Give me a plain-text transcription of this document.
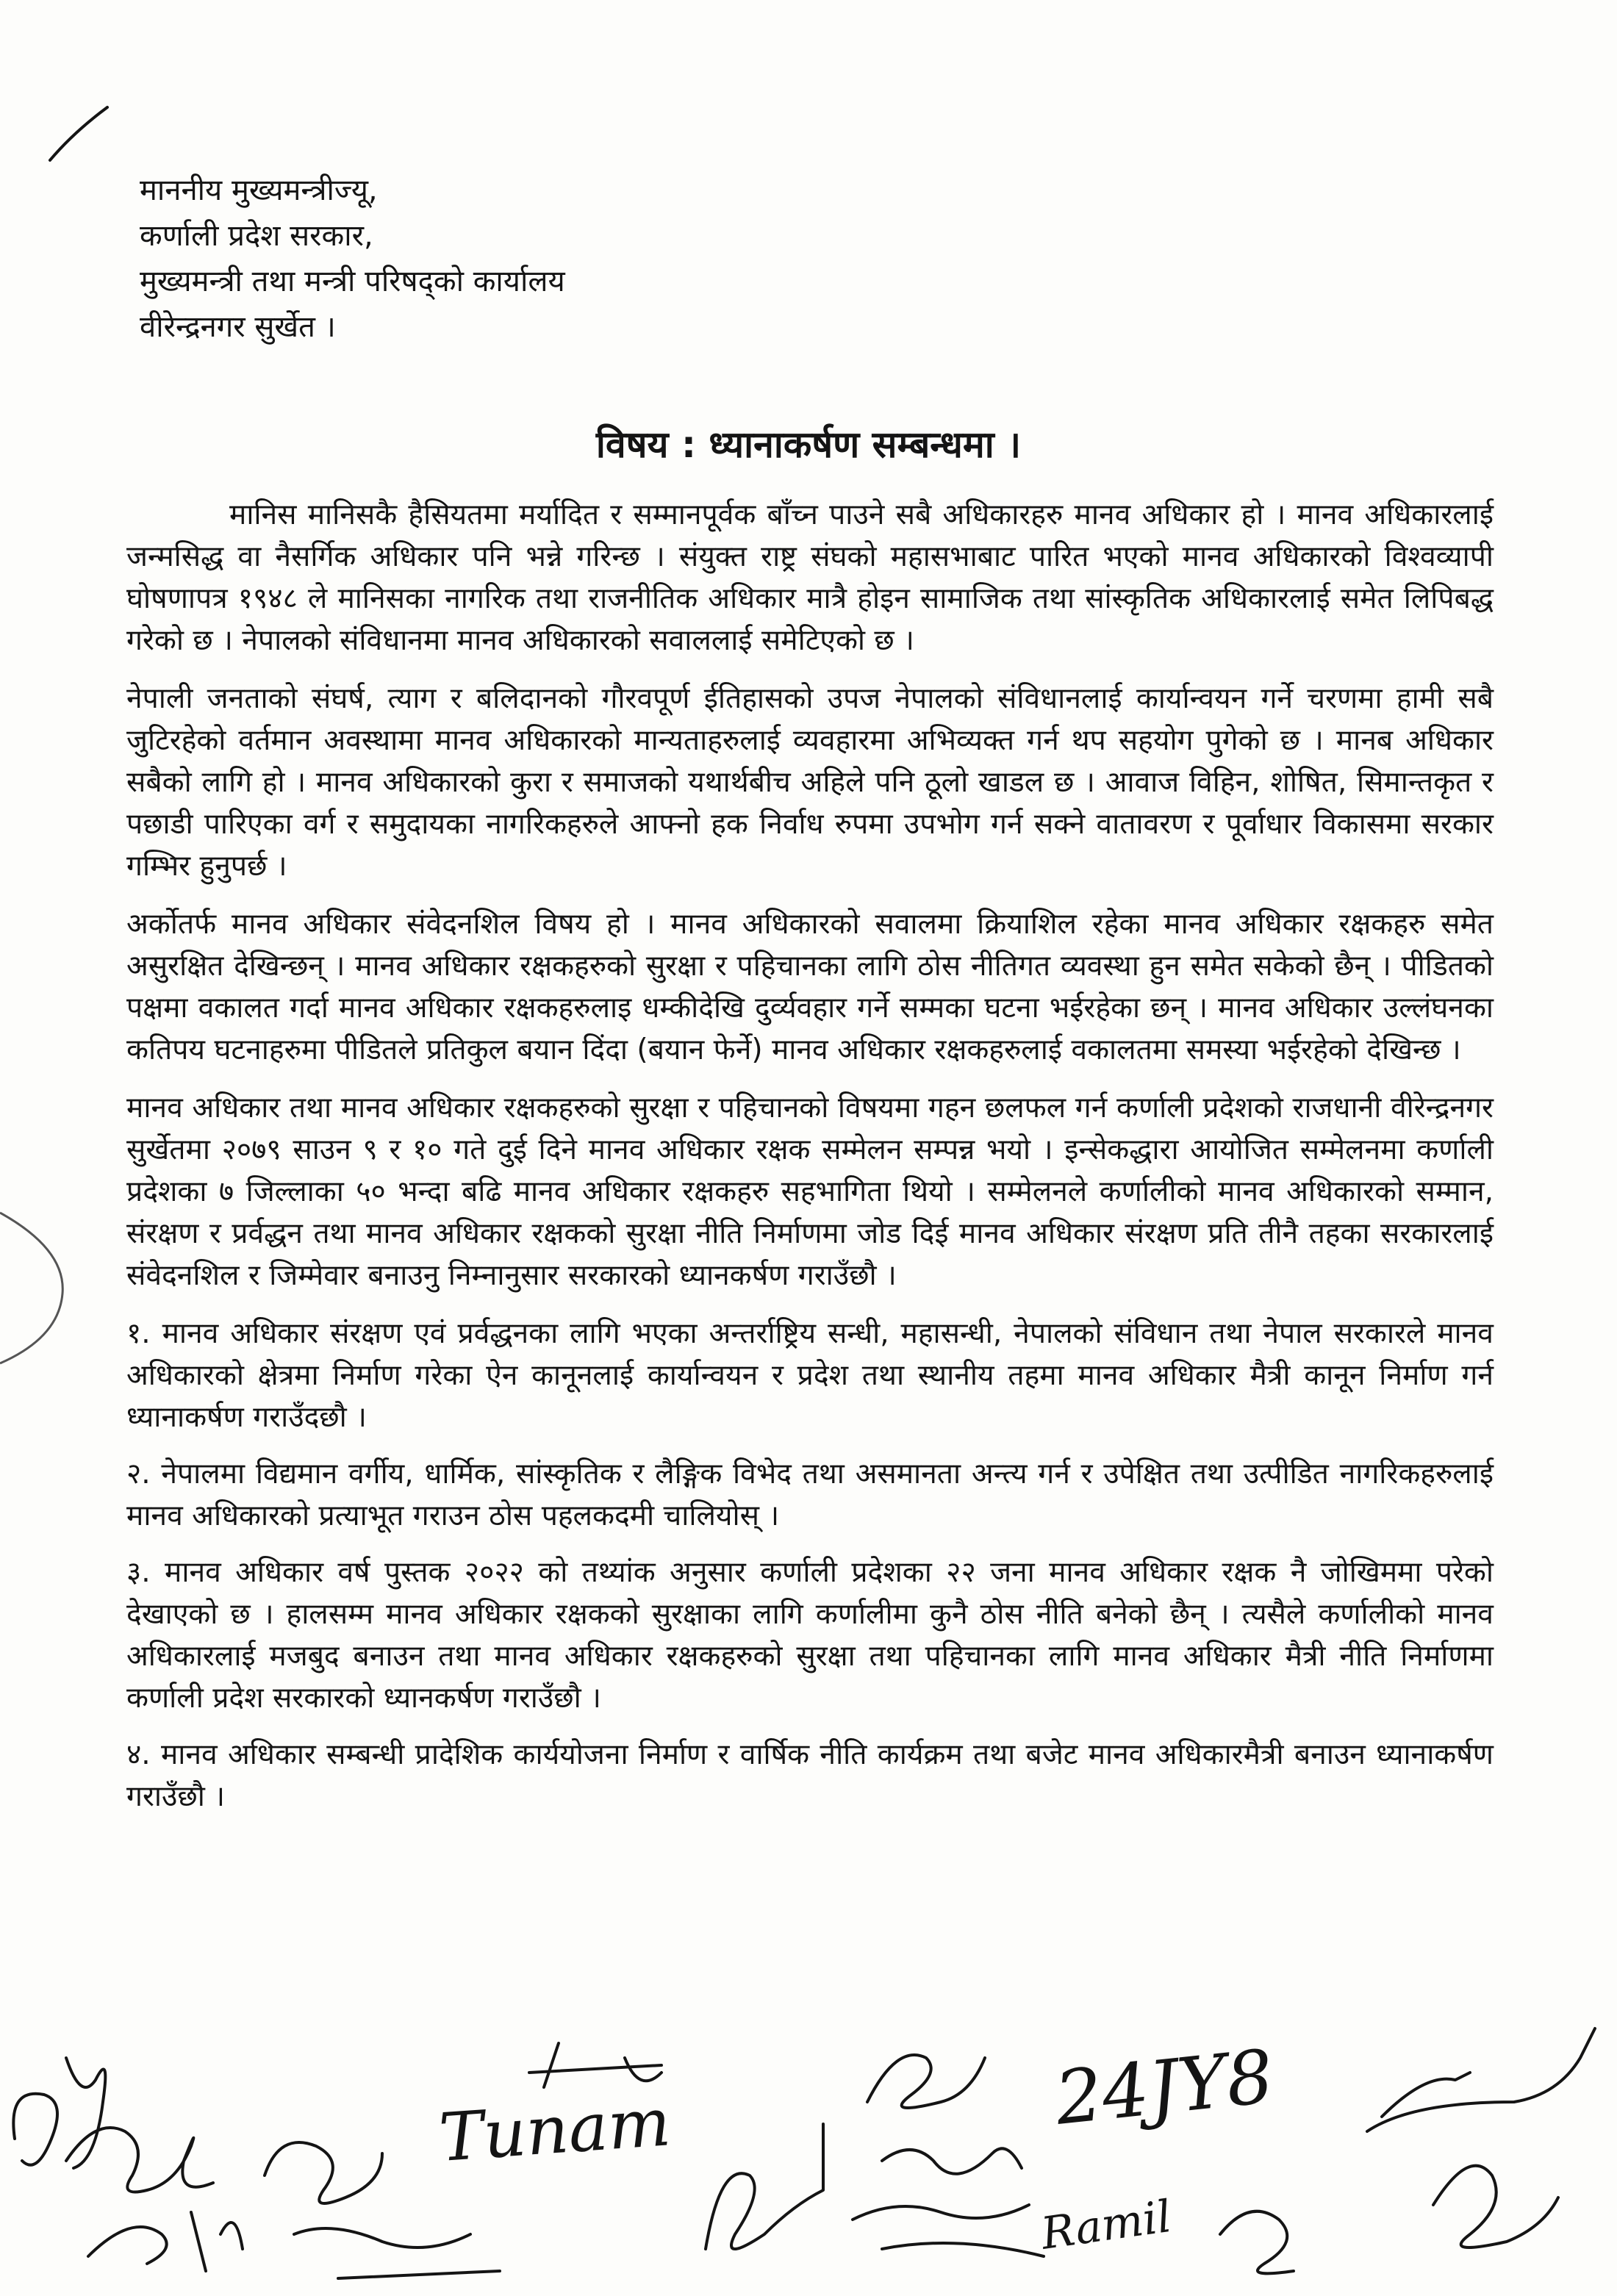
माननीय मुख्यमन्त्रीज्यू,
कर्णाली प्रदेश सरकार,
मुख्यमन्त्री तथा मन्त्री परिषद्को कार्यालय
वीरेन्द्रनगर सुर्खेत ।
विषय : ध्यानाकर्षण सम्बन्धमा ।

मानिस मानिसकै हैसियतमा मर्यादित र सम्मानपूर्वक बाँच्न पाउने सबै अधिकारहरु मानव अधिकार हो । मानव अधिकारलाई जन्मसिद्ध वा नैसर्गिक अधिकार पनि भन्ने गरिन्छ । संयुक्त राष्ट्र संघको महासभाबाट पारित भएको मानव अधिकारको विश्वव्यापी घोषणापत्र १९४८ ले मानिसका नागरिक तथा राजनीतिक अधिकार मात्रै होइन सामाजिक तथा सांस्कृतिक अधिकारलाई समेत लिपिबद्ध गरेको छ । नेपालको संविधानमा मानव अधिकारको सवाललाई समेटिएको छ ।

नेपाली जनताको संघर्ष, त्याग र बलिदानको गौरवपूर्ण ईतिहासको उपज नेपालको संविधानलाई कार्यान्वयन गर्ने चरणमा हामी सबै जुटिरहेको वर्तमान अवस्थामा मानव अधिकारको मान्यताहरुलाई व्यवहारमा अभिव्यक्त गर्न थप सहयोग पुगेको छ । मानब अधिकार सबैको लागि हो । मानव अधिकारको कुरा र समाजको यथार्थबीच अहिले पनि ठूलो खाडल छ । आवाज विहिन, शोषित, सिमान्तकृत र पछाडी पारिएका वर्ग र समुदायका नागरिकहरुले आफ्नो हक निर्वाध रुपमा उपभोग गर्न सक्ने वातावरण र पूर्वाधार विकासमा सरकार गम्भिर हुनुपर्छ ।

अर्कोतर्फ मानव अधिकार संवेदनशिल विषय हो । मानव अधिकारको सवालमा क्रियाशिल रहेका मानव अधिकार रक्षकहरु समेत असुरक्षित देखिन्छन् । मानव अधिकार रक्षकहरुको सुरक्षा र पहिचानका लागि ठोस नीतिगत व्यवस्था हुन समेत सकेको छैन् । पीडितको पक्षमा वकालत गर्दा मानव अधिकार रक्षकहरुलाइ धम्कीदेखि दुर्व्यवहार गर्ने सम्मका घटना भईरहेका छन् । मानव अधिकार उल्लंघनका कतिपय घटनाहरुमा पीडितले प्रतिकुल बयान दिंदा (बयान फेर्ने) मानव अधिकार रक्षकहरुलाई वकालतमा समस्या भईरहेको देखिन्छ ।

मानव अधिकार तथा मानव अधिकार रक्षकहरुको सुरक्षा र पहिचानको विषयमा गहन छलफल गर्न कर्णाली प्रदेशको राजधानी वीरेन्द्रनगर सुर्खेतमा २०७९ साउन ९ र १० गते दुई दिने मानव अधिकार रक्षक सम्मेलन सम्पन्न भयो । इन्सेकद्धारा आयोजित सम्मेलनमा कर्णाली प्रदेशका ७ जिल्लाका ५० भन्दा बढि मानव अधिकार रक्षकहरु सहभागिता थियो । सम्मेलनले कर्णालीको मानव अधिकारको सम्मान, संरक्षण र प्रर्वद्धन तथा मानव अधिकार रक्षकको सुरक्षा नीति निर्माणमा जोड दिई मानव अधिकार संरक्षण प्रति तीनै तहका सरकारलाई संवेदनशिल र जिम्मेवार बनाउनु निम्नानुसार सरकारको ध्यानकर्षण गराउँछौ ।

१. मानव अधिकार संरक्षण एवं प्रर्वद्धनका लागि भएका अन्तर्राष्ट्रिय सन्धी, महासन्धी, नेपालको संविधान तथा नेपाल सरकारले मानव अधिकारको क्षेत्रमा निर्माण गरेका ऐन कानूनलाई कार्यान्वयन र प्रदेश तथा स्थानीय तहमा मानव अधिकार मैत्री कानून निर्माण गर्न ध्यानाकर्षण गराउँदछौ ।

२. नेपालमा विद्यमान वर्गीय, धार्मिक, सांस्कृतिक र लैङ्गिक विभेद तथा असमानता अन्त्य गर्न र उपेक्षित तथा उत्पीडित नागरिकहरुलाई मानव अधिकारको प्रत्याभूत गराउन ठोस पहलकदमी चालियोस् ।

३. मानव अधिकार वर्ष पुस्तक २०२२ को तथ्यांक अनुसार कर्णाली प्रदेशका २२ जना मानव अधिकार रक्षक नै जोखिममा परेको देखाएको छ । हालसम्म मानव अधिकार रक्षकको सुरक्षाका लागि कर्णालीमा कुनै ठोस नीति बनेको छैन् । त्यसैले कर्णालीको मानव अधिकारलाई मजबुद बनाउन तथा मानव अधिकार रक्षकहरुको सुरक्षा तथा पहिचानका लागि मानव अधिकार मैत्री नीति निर्माणमा कर्णाली प्रदेश सरकारको ध्यानकर्षण गराउँछौ ।

४. मानव अधिकार सम्बन्धी प्रादेशिक कार्ययोजना निर्माण र वार्षिक नीति कार्यक्रम तथा बजेट मानव अधिकारमैत्री बनाउन ध्यानाकर्षण गराउँछौ ।

Tunam	24JY8
Ramil
